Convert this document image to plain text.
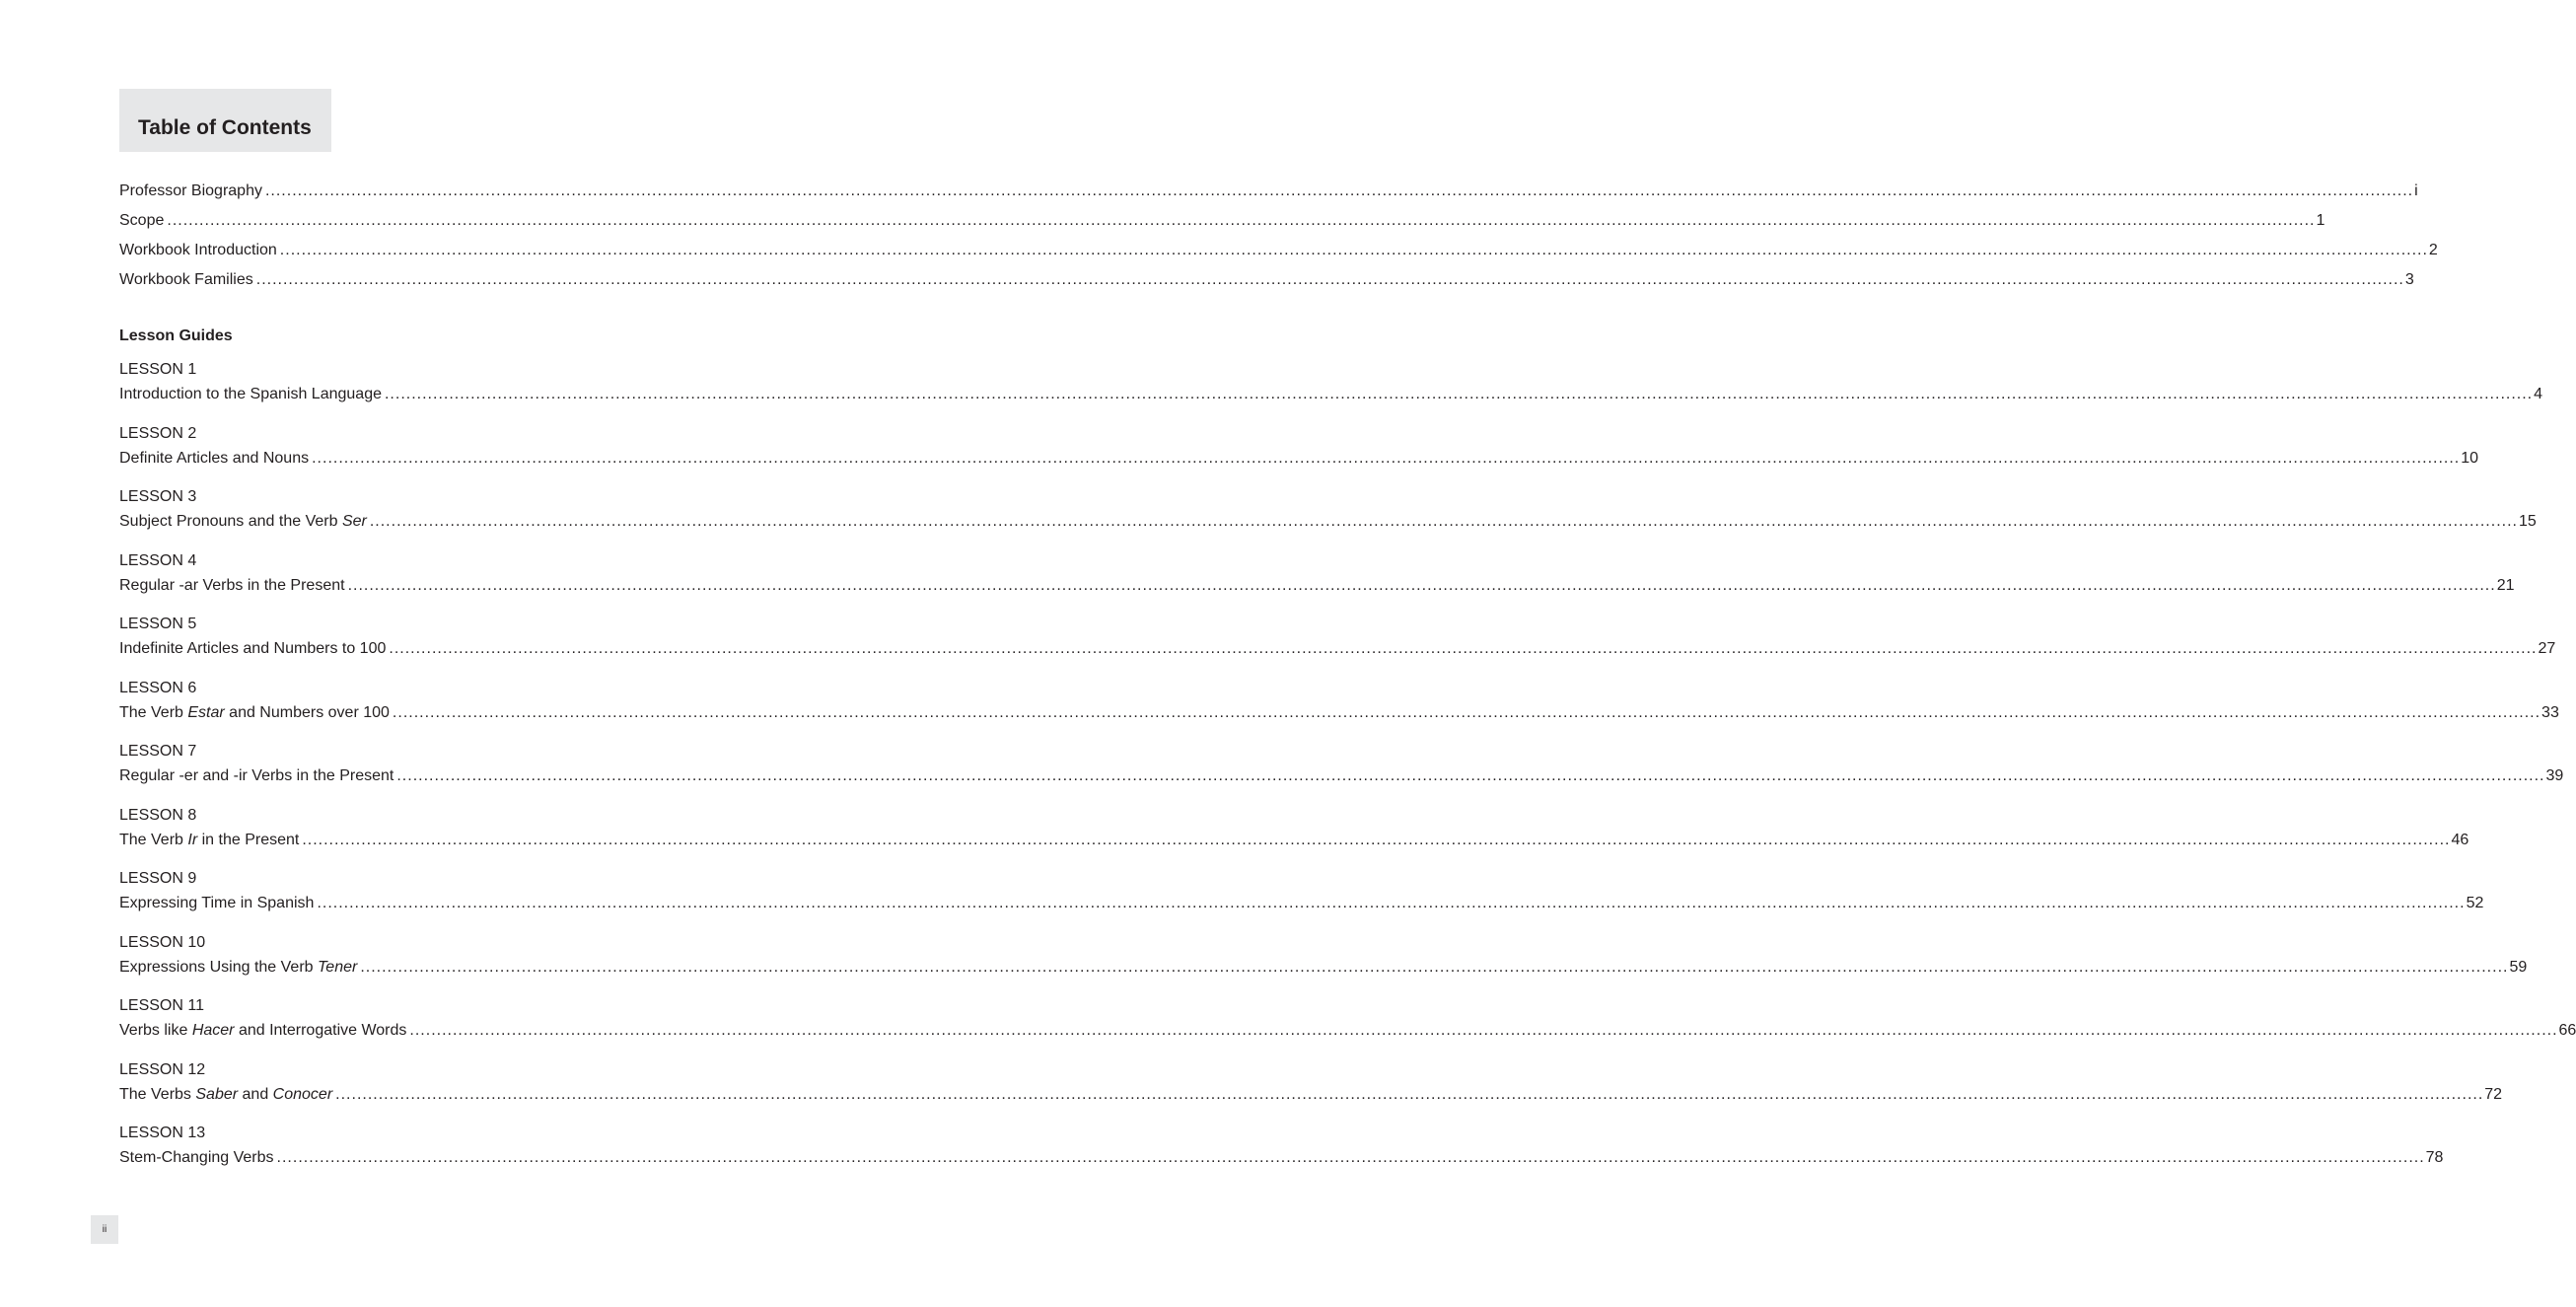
Table of Contents
Professor Biography ................................................................................................................................................................................................................................................................................................................................................................................................................ i
Scope ................................................................................................................................................................................................................................................................................................................................................................................................................ 1
Workbook Introduction ................................................................................................................................................................................................................................................................................................................................................................................................................ 2
Workbook Families ................................................................................................................................................................................................................................................................................................................................................................................................................ 3
Lesson Guides
LESSON 1
Introduction to the Spanish Language ................................................................................................................................................................................................................................................................................................................................................................................................................ 4
LESSON 2
Definite Articles and Nouns ................................................................................................................................................................................................................................................................................................................................................................................................................ 10
LESSON 3
Subject Pronouns and the Verb Ser ................................................................................................................................................................................................................................................................................................................................................................................................................ 15
LESSON 4
Regular -ar Verbs in the Present ................................................................................................................................................................................................................................................................................................................................................................................................................ 21
LESSON 5
Indefinite Articles and Numbers to 100 ................................................................................................................................................................................................................................................................................................................................................................................................................ 27
LESSON 6
The Verb Estar and Numbers over 100 ................................................................................................................................................................................................................................................................................................................................................................................................................ 33
LESSON 7
Regular -er and -ir Verbs in the Present ................................................................................................................................................................................................................................................................................................................................................................................................................ 39
LESSON 8
The Verb Ir in the Present ................................................................................................................................................................................................................................................................................................................................................................................................................ 46
LESSON 9
Expressing Time in Spanish ................................................................................................................................................................................................................................................................................................................................................................................................................ 52
LESSON 10
Expressions Using the Verb Tener ................................................................................................................................................................................................................................................................................................................................................................................................................ 59
LESSON 11
Verbs like Hacer and Interrogative Words ................................................................................................................................................................................................................................................................................................................................................................................................................ 66
LESSON 12
The Verbs Saber and Conocer ................................................................................................................................................................................................................................................................................................................................................................................................................ 72
LESSON 13
Stem-Changing Verbs ................................................................................................................................................................................................................................................................................................................................................................................................................ 78
ii
